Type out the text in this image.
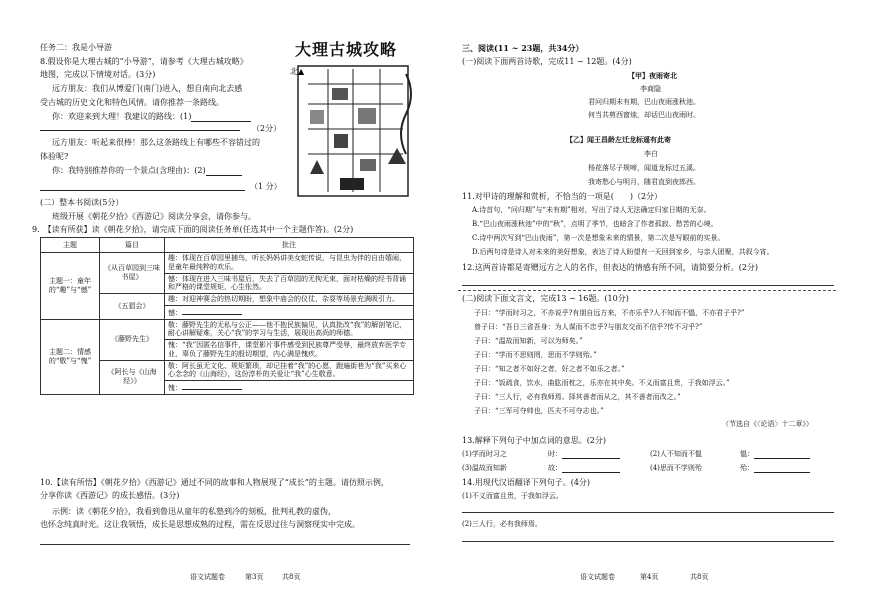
任务二：我是小导游
8.假设你是大理古城的“小导游”，请参考《大理古城攻略》
地图，完成以下情境对话。(3分)
远方朋友：我们从博爱门(南门)进入，想自南向北去感
受古城的历史文化和特色风情。请你推荐一条路线。
你：欢迎来到大理！我建议的路线：(1)
（2分）
远方朋友：听起来很棒！那么这条路线上有哪些不容错过的
体验呢?
你：我特别推荐你的一个景点(含理由)：(2)
（1 分）
大理古城攻略
北▲
(二）整本书阅读(5分）
班级开展《朝花夕拾》《西游记》阅读分享会，请你参与。
9.　【读有所获】读《朝花夕拾》，请完成下面的阅读任务单(任选其中一个主题作答)。(2分)
主题	篇目	批注
主题一：童年的“趣”与“憾”	《从百草园到三味书屋》	趣：体现在百草园里捕鸟，听长妈妈讲美女蛇传说，与昆虫为伴的自由嬉闹，是童年最纯粹的欢乐。
		憾：体现在进入三味书屋后，失去了百草园的无拘无束，面对枯燥的经书背诵和严格的课堂规矩，心生怅然。
	《五猖会》	趣：对迎神赛会的热切期盼，想象中庙会的仪仗、杂耍等场景充满吸引力。
		憾：
主题二：情感的“敬”与“愧”	《藤野先生》	敬：藤野先生的无私与公正——他不抱民族偏见，认真批改“我”的解剖笔记，耐心讲解疑难，关心“我”的学习与生活，展现出高尚的师德。
		愧：“我”因匿名信事件，课堂影片事件感受到民族尊严受辱，最终放弃医学专业，辜负了藤野先生的殷切期望，内心满是愧疚。
	《阿长与《山海经》》	敬：阿长虽无文化、规矩繁琐，却记挂着“我”的心愿，跑遍街巷为“我”买来心心念念的《山海经》，这份淳朴的关爱让“我”心生敬意。
		愧：
10.【读有所悟】《朝花夕拾》《西游记》通过不同的故事和人物展现了“成长”的主题。请仿照示例，
分享你读《西游记》的成长感悟。(3分)
示例：读《朝花夕拾》，我看到鲁迅从童年的私塾到冷的刻板，批判礼教的虚伪，
也怀念纯真时光。这让我领悟，成长是思想成熟的过程，需在反思过往与洞察现实中完成。
语文试题卷	第3页	共8页
三、阅读(11 ~ 23题，共34分）
(一)阅读下面两首诗歌，完成11 ~ 12题。(4分)
【甲】夜雨寄北
李商隐
君问归期未有期，巴山夜雨涨秋池。
何当共剪西窗烛，却话巴山夜雨时。
【乙】闻王昌龄左迁龙标遥有此寄
李白
杨花落尽子规啼，闻道龙标过五溪。
我寄愁心与明月，随君直到夜郎西。
11.对甲诗的理解和赏析，不恰当的一项是(　　)（2分）
A.诗首句，“问归期”与“未有期”相对，写出了诗人无法确定归家日期的无奈。
B.“巴山夜雨涨秋池”中的“秋”，点明了季节，也暗含了作者孤寂、愁苦的心境。
C.诗中两次写到“巴山夜雨”，第一次是想象未来的情景，第二次是写眼前的实景。
D.后两句诗是诗人对未来的美好想象，表达了诗人盼望有一天回到家乡，与亲人团聚，共叙今宵。
12.这两首诗都是寄赠远方之人的名作，但表达的情感有所不同，请简要分析。(2分)
(二)阅读下面文言文，完成13 ~ 16题。(10分)
子曰：“学而时习之，不亦说乎?有朋自远方来，不亦乐乎?人不知而不愠，不亦君子乎?”
曾子曰：“吾日三省吾身：为人谋而不忠乎?与朋友交而不信乎?传不习乎?”
子曰：“温故而知新，可以为师矣。”
子曰：“学而不思则罔，思而不学则殆。”
子曰：“知之者不如好之者，好之者不如乐之者。”
子曰：“饭疏食，饮水，曲肱而枕之，乐亦在其中矣。不义而富且贵，于我如浮云。”
子曰：“三人行，必有我师焉。择其善者而从之，其不善者而改之。”
子曰：“三军可夺帅也，匹夫不可夺志也。”
（节选自《〈论语〉十二章》）
13.解释下列句子中加点词的意思。(2分)
(1)学而时习之	时：	(2)人不知而不愠	愠：
(3)温故而知新	故：	(4)思而不学则殆	殆：
14.用现代汉语翻译下列句子。(4分)
(1)不义而富且贵，于我如浮云。
(2)三人行，必有我师焉。
语文试题卷	第4页	共8页
